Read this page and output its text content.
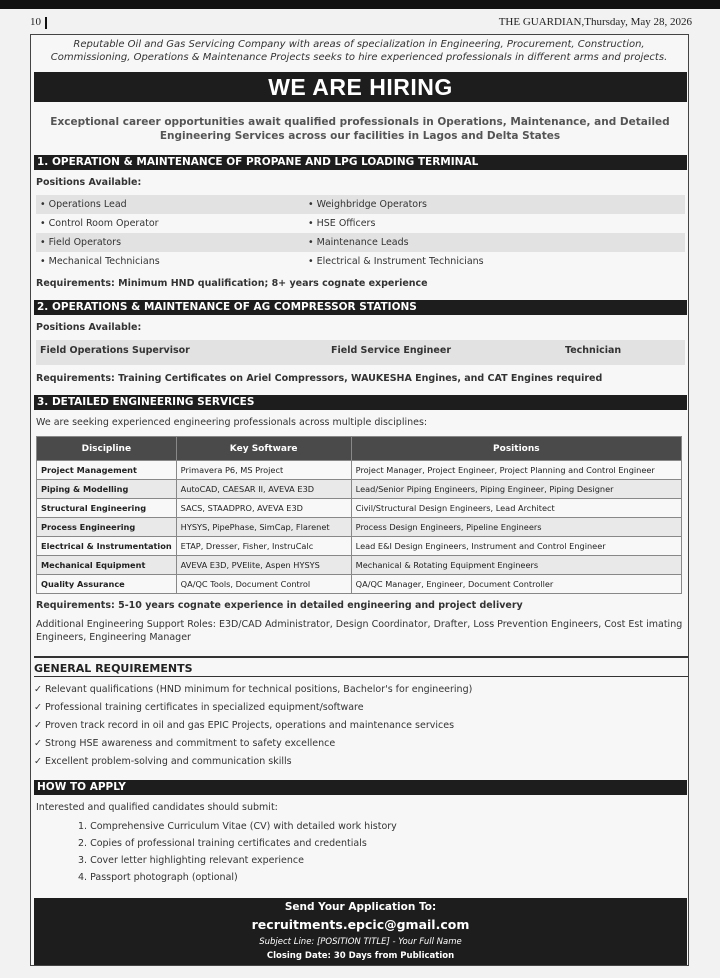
10	THE GUARDIAN,Thursday, May 28, 2026
Reputable Oil and Gas Servicing Company with areas of specialization in Engineering, Procurement, Construction, Commissioning, Operations & Maintenance Projects seeks to hire experienced professionals in different arms and projects.
WE ARE HIRING
Exceptional career opportunities await qualified professionals in Operations, Maintenance, and Detailed Engineering Services across our facilities in Lagos and Delta States
1. OPERATION & MAINTENANCE OF PROPANE AND LPG LOADING TERMINAL
Positions Available:
• Operations Lead	• Weighbridge Operators
• Control Room Operator	• HSE Officers
• Field Operators	• Maintenance Leads
• Mechanical Technicians	• Electrical & Instrument Technicians
Requirements: Minimum HND qualification; 8+ years cognate experience
2. OPERATIONS & MAINTENANCE OF AG COMPRESSOR STATIONS
Positions Available:
Field Operations Supervisor	Field Service Engineer	Technician
Requirements: Training Certificates on Ariel Compressors, WAUKESHA Engines, and CAT Engines required
3. DETAILED ENGINEERING SERVICES
We are seeking experienced engineering professionals across multiple disciplines:
Discipline	Key Software	Positions
Project Management	Primavera P6, MS Project	Project Manager, Project Engineer, Project Planning and Control Engineer
Piping & Modelling	AutoCAD, CAESAR II, AVEVA E3D	Lead/Senior Piping Engineers, Piping Engineer, Piping Designer
Structural Engineering	SACS, STAADPRO, AVEVA E3D	Civil/Structural Design Engineers, Lead Architect
Process Engineering	HYSYS, PipePhase, SimCap, Flarenet	Process Design Engineers, Pipeline Engineers
Electrical & Instrumentation	ETAP, Dresser, Fisher, InstruCalc	Lead E&I Design Engineers, Instrument and Control Engineer
Mechanical Equipment	AVEVA E3D, PVElite, Aspen HYSYS	Mechanical & Rotating Equipment Engineers
Quality Assurance	QA/QC Tools, Document Control	QA/QC Manager, Engineer, Document Controller
Requirements: 5-10 years cognate experience in detailed engineering and project delivery
Additional Engineering Support Roles: E3D/CAD Administrator, Design Coordinator, Drafter, Loss Prevention Engineers, Cost Est imating
Engineers, Engineering Manager
GENERAL REQUIREMENTS
✓ Relevant qualifications (HND minimum for technical positions, Bachelor's for engineering)
✓ Professional training certificates in specialized equipment/software
✓ Proven track record in oil and gas EPIC Projects, operations and maintenance services
✓ Strong HSE awareness and commitment to safety excellence
✓ Excellent problem-solving and communication skills
HOW TO APPLY
Interested and qualified candidates should submit:
1. Comprehensive Curriculum Vitae (CV) with detailed work history
2. Copies of professional training certificates and credentials
3. Cover letter highlighting relevant experience
4. Passport photograph (optional)
Send Your Application To:
recruitments.epcic@gmail.com
Subject Line: [POSITION TITLE] - Your Full Name
Closing Date: 30 Days from Publication
